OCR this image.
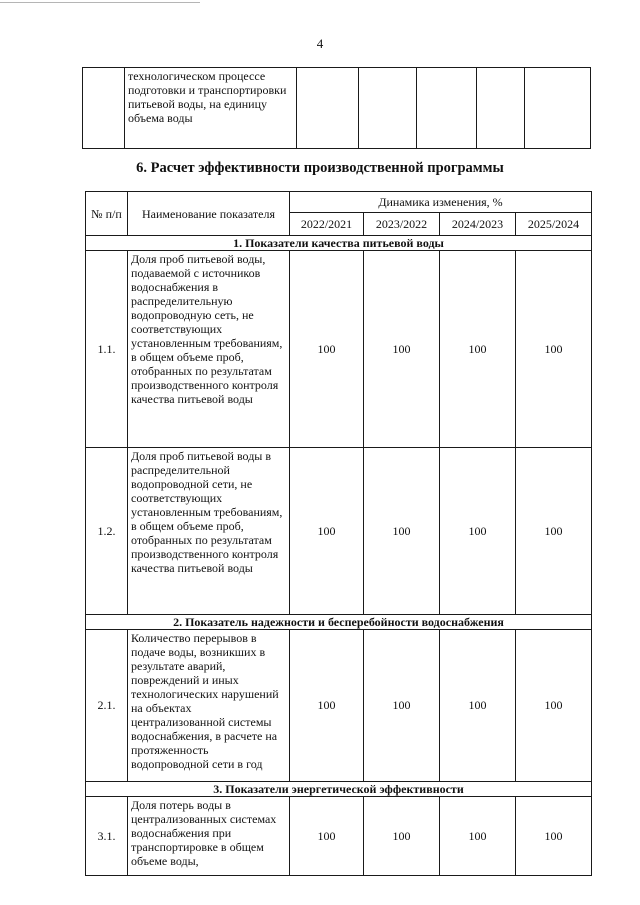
4
	технологическом процессе подготовки и транспортировки питьевой воды, на единицу объема воды					
6. Расчет эффективности производственной программы
№ п/п	Наименование показателя	Динамика изменения, %			
		2022/2021	2023/2022	2024/2023	2025/2024
1. Показатели качества питьевой воды					
1.1.	Доля проб питьевой воды, подаваемой с источников водоснабжения в распределительную водопроводную сеть, не соответствующих установленным требованиям, в общем объеме проб, отобранных по результатам производственного контроля качества питьевой воды	100	100	100	100
1.2.	Доля проб питьевой воды в распределительной водопроводной сети, не соответствующих установленным требованиям, в общем объеме проб, отобранных по результатам производственного контроля качества питьевой воды	100	100	100	100
2. Показатель надежности и бесперебойности водоснабжения					
2.1.	Количество перерывов в подаче воды, возникших в результате аварий, повреждений и иных технологических нарушений на объектах централизованной системы водоснабжения, в расчете на протяженность водопроводной сети в год	100	100	100	100
3. Показатели энергетической эффективности					
3.1.	Доля потерь воды в централизованных системах водоснабжения при транспортировке в общем объеме воды,	100	100	100	100
